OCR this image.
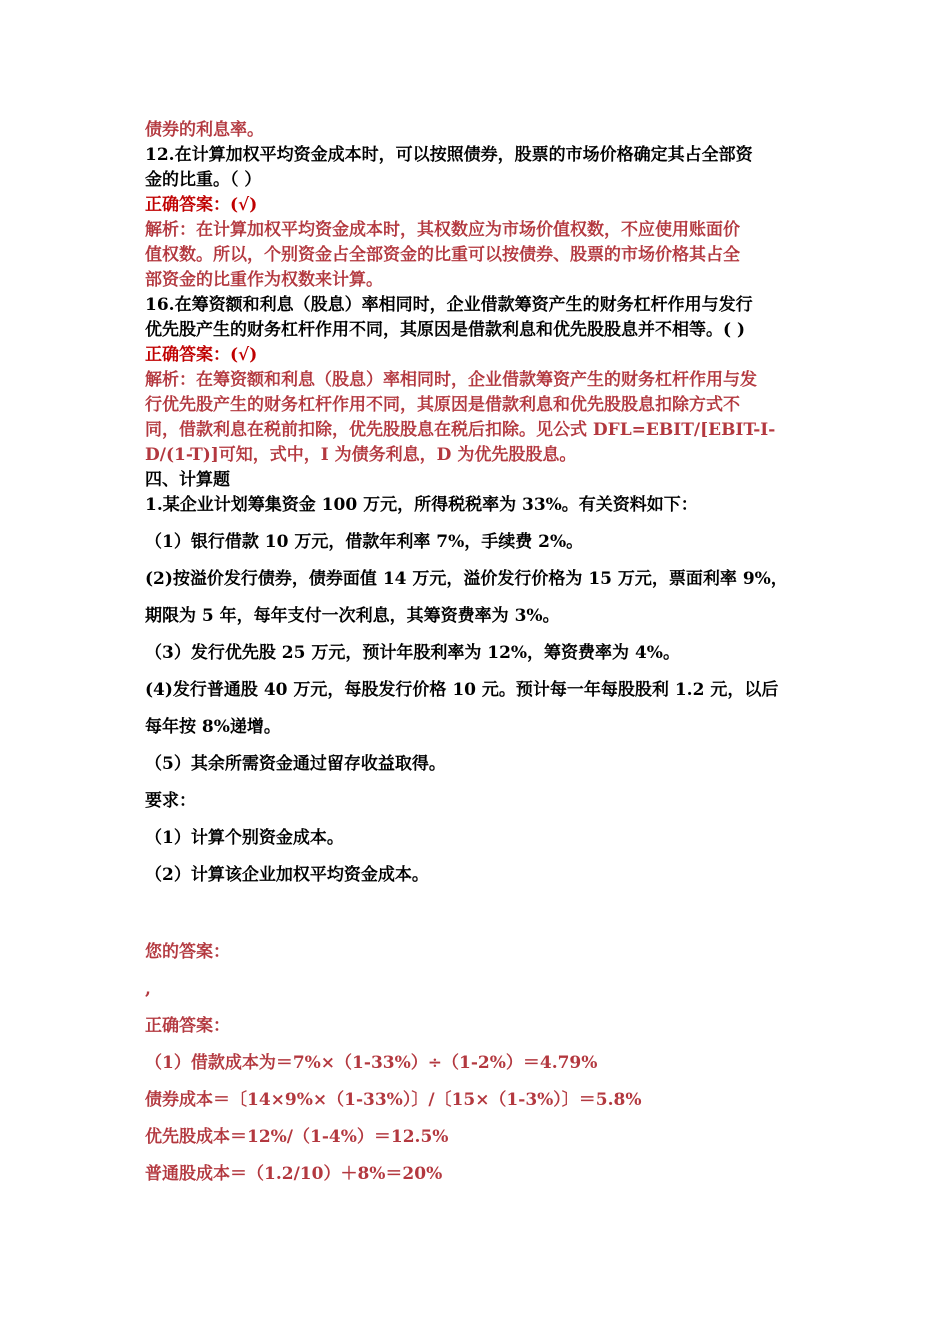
债券的利息率。

12.在计算加权平均资金成本时，可以按照债券，股票的市场价格确定其占全部资

金的比重。（ ）

正确答案：(√)

解析：在计算加权平均资金成本时，其权数应为市场价值权数，不应使用账面价

值权数。所以，个别资金占全部资金的比重可以按债券、股票的市场价格其占全

部资金的比重作为权数来计算。

16.在筹资额和利息（股息）率相同时，企业借款筹资产生的财务杠杆作用与发行

优先股产生的财务杠杆作用不同，其原因是借款利息和优先股股息并不相等。( )

正确答案：(√)

解析：在筹资额和利息（股息）率相同时，企业借款筹资产生的财务杠杆作用与发

行优先股产生的财务杠杆作用不同，其原因是借款利息和优先股股息扣除方式不

同，借款利息在税前扣除，优先股股息在税后扣除。见公式 DFL=EBIT/[EBIT-I-

D/(1-T)]可知，式中，I 为债务利息，D 为优先股股息。

四、计算题

1.某企业计划筹集资金 100 万元，所得税税率为 33%。有关资料如下：

（1）银行借款 10 万元，借款年利率 7%，手续费 2%。

(2)按溢价发行债券，债券面值 14 万元，溢价发行价格为 15 万元，票面利率 9%，

期限为 5 年，每年支付一次利息，其筹资费率为 3%。

（3）发行优先股 25 万元，预计年股利率为 12%，筹资费率为 4%。

(4)发行普通股 40 万元，每股发行价格 10 元。预计每一年每股股利 1.2 元，以后

每年按 8%递增。

（5）其余所需资金通过留存收益取得。

要求：

（1）计算个别资金成本。

（2）计算该企业加权平均资金成本。

您的答案：

,

正确答案：

（1）借款成本为＝7%×（1-33%）÷（1-2%）＝4.79%

债券成本＝〔14×9%×（1-33%）〕/〔15×（1-3%）〕＝5.8%

优先股成本＝12%/（1-4%）＝12.5%

普通股成本＝（1.2/10）＋8%＝20%
